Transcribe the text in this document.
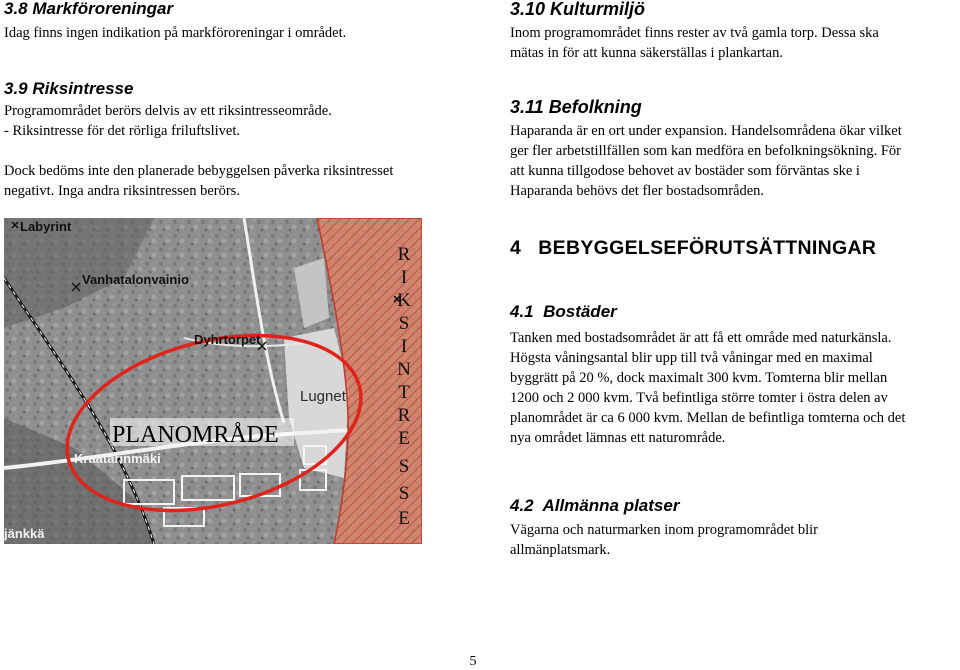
3.8 Markföroreningar

Idag finns ingen indikation på markföroreningar i området.

3.9 Riksintresse

Programområdet berörs delvis av ett riksintresseområde.
- Riksintresse för det rörliga friluftslivet.

Dock bedöms inte den planerade bebyggelsen påverka riksintresset
negativt. Inga andra riksintressen berörs.

Labyrint
Vanhatalonvainio
Dyhrtorpet
Lugnet
Kraatarinmäki
jänkkä
PLANOMRÅDE
R
I
K
S
I
N
T
R
E
S
S
E
3.10 Kulturmiljö

Inom programområdet finns rester av två gamla torp. Dessa ska
mätas in för att kunna säkerställas i plankartan.

3.11 Befolkning

Haparanda är en ort under expansion. Handelsområdena ökar vilket
ger fler arbetstillfällen som kan medföra en befolkningsökning. För
att kunna tillgodose behovet av bostäder som förväntas ske i
Haparanda behövs det fler bostadsområden.

4   BEBYGGELSEFÖRUTSÄTTNINGAR
4.1  Bostäder

Tanken med bostadsområdet är att få ett område med naturkänsla.
Högsta våningsantal blir upp till två våningar med en maximal
byggrätt på 20 %, dock maximalt 300 kvm. Tomterna blir mellan
1200 och 2 000 kvm. Två befintliga större tomter i östra delen av
planområdet är ca 6 000 kvm. Mellan de befintliga tomterna och det
nya området lämnas ett naturområde.

4.2  Allmänna platser

Vägarna och naturmarken inom programområdet blir
allmänplatsmark.

5
